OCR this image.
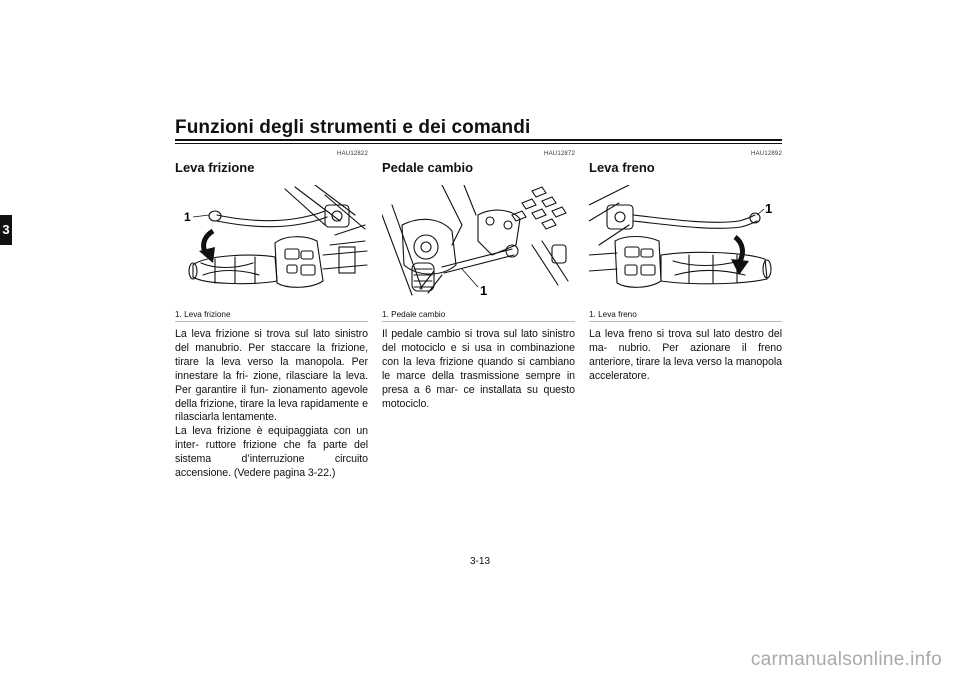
Funzioni degli strumenti e dei comandi
3
HAU12822
Leva frizione
1
1. Leva frizione

La leva frizione si trova sul lato sinistro del manubrio. Per staccare la frizione, tirare la leva verso la manopola. Per innestare la fri- zione, rilasciare la leva. Per garantire il fun- zionamento agevole della frizione, tirare la leva rapidamente e rilasciarla lentamente.

La leva frizione è equipaggiata con un inter- ruttore frizione che fa parte del sistema d’interruzione circuito accensione. (Vedere pagina 3-22.)

HAU12872
Pedale cambio
1
1. Pedale cambio

Il pedale cambio si trova sul lato sinistro del motociclo e si usa in combinazione con la leva frizione quando si cambiano le marce della trasmissione sempre in presa a 6 mar- ce installata su questo motociclo.

HAU12892
Leva freno
1
1. Leva freno

La leva freno si trova sul lato destro del ma- nubrio. Per azionare il freno anteriore, tirare la leva verso la manopola acceleratore.

3-13
carmanualsonline.info
